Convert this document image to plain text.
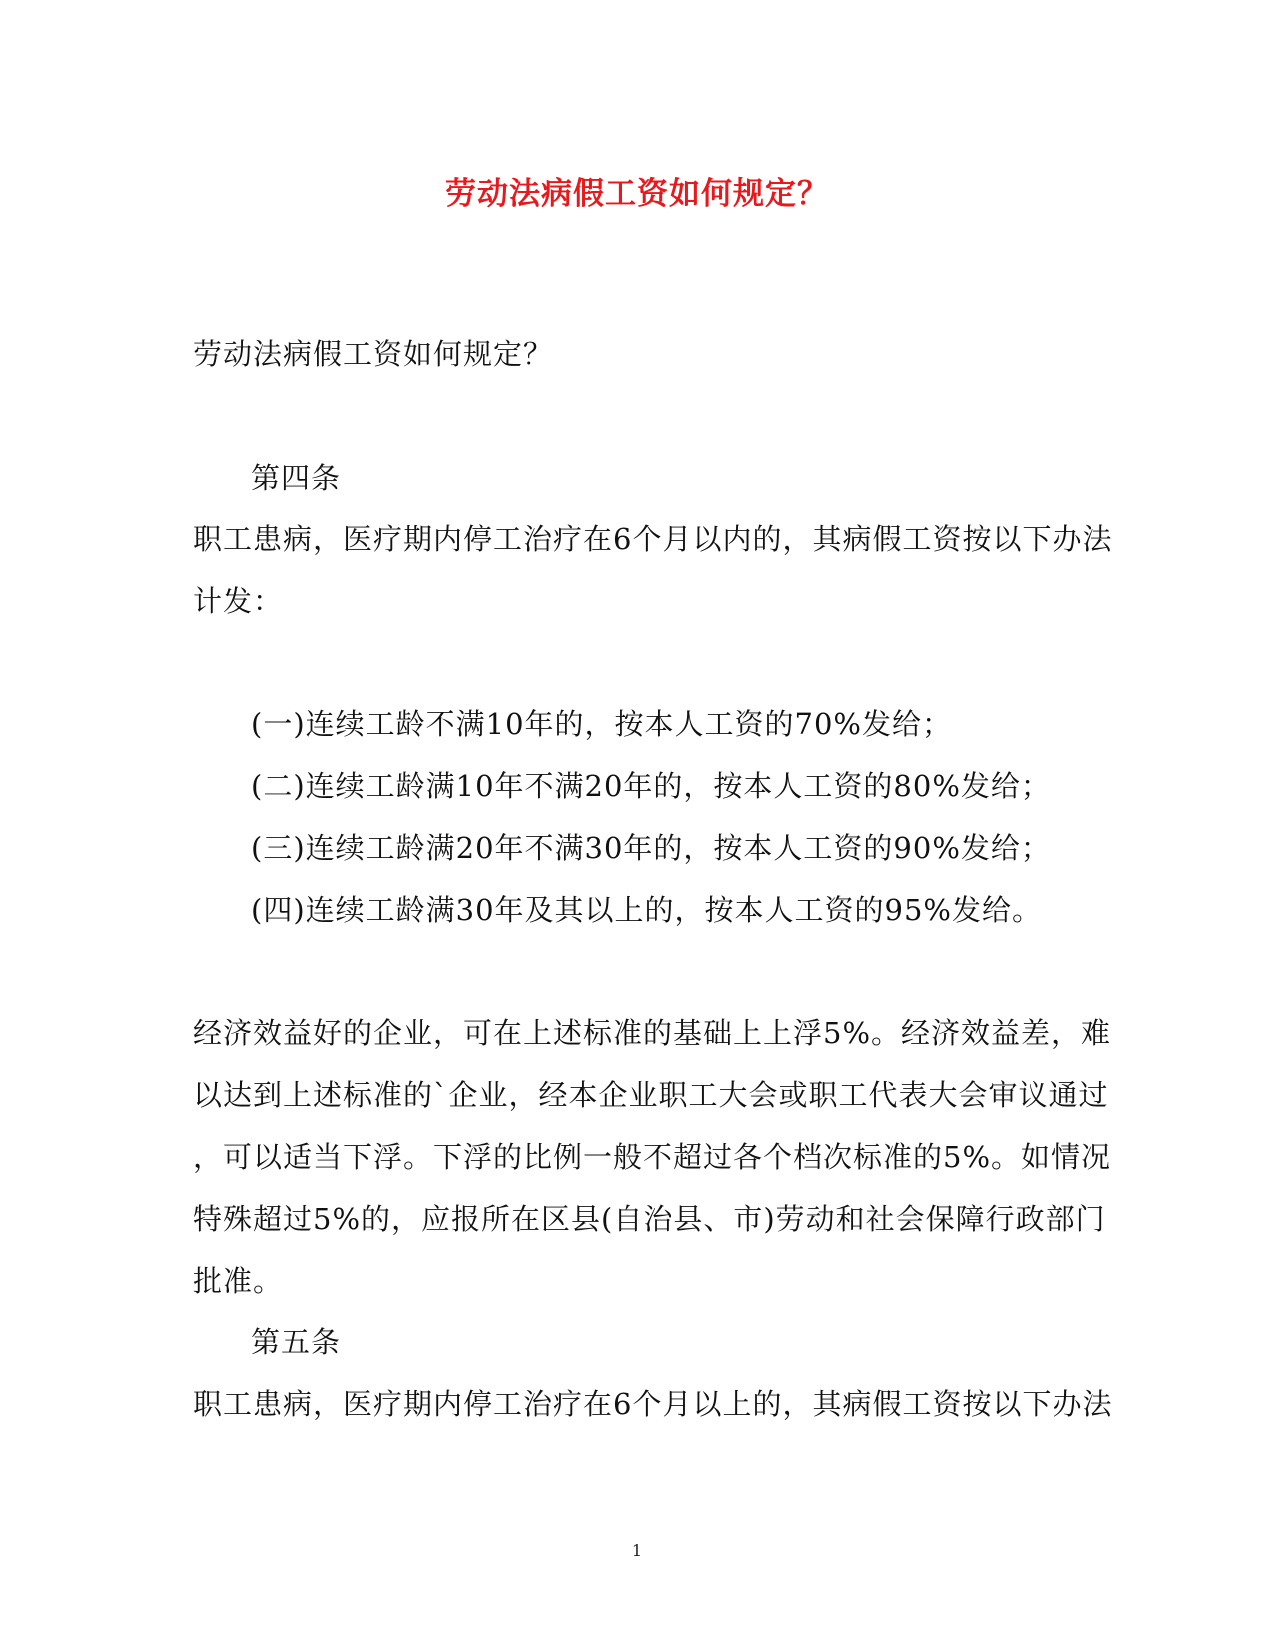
劳动法病假工资如何规定？
劳动法病假工资如何规定？
第四条
职工患病，医疗期内停工治疗在6个月以内的，其病假工资按以下办法
计发：
(一)连续工龄不满10年的，按本人工资的70%发给；
(二)连续工龄满10年不满20年的，按本人工资的80%发给；
(三)连续工龄满20年不满30年的，按本人工资的90%发给；
(四)连续工龄满30年及其以上的，按本人工资的95%发给。
经济效益好的企业，可在上述标准的基础上上浮5%。经济效益差，难
以达到上述标准的`企业，经本企业职工大会或职工代表大会审议通过
，可以适当下浮。下浮的比例一般不超过各个档次标准的5%。如情况
特殊超过5%的，应报所在区县(自治县、市)劳动和社会保障行政部门
批准。
第五条
职工患病，医疗期内停工治疗在6个月以上的，其病假工资按以下办法
1
